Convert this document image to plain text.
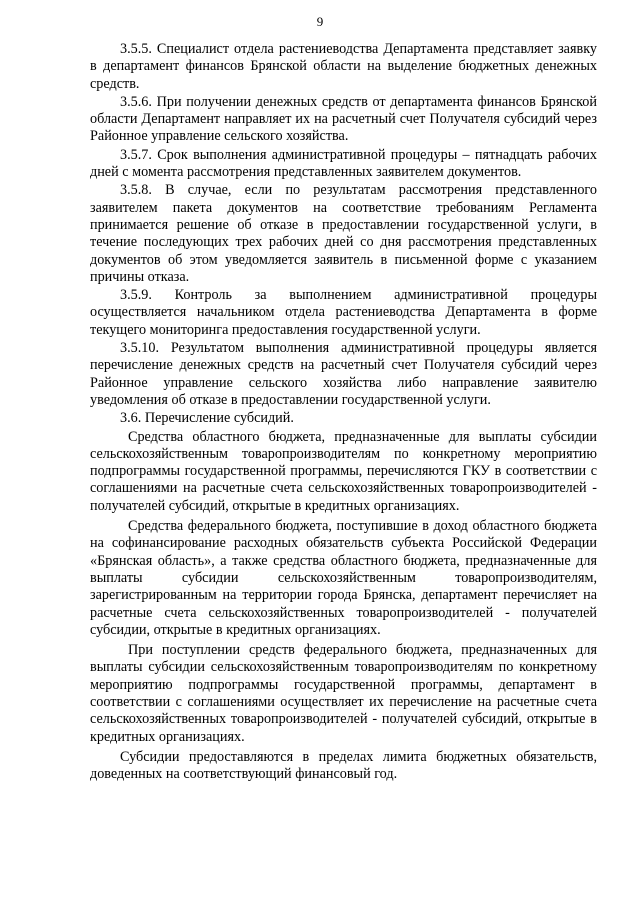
9

3.5.5. Специалист отдела растениеводства Департамента представляет заявку в департамент финансов Брянской области на выделение бюджетных денежных средств.

3.5.6. При получении денежных средств от департамента финансов Брянской области Департамент направляет их на расчетный счет Получателя субсидий через Районное управление сельского хозяйства.

3.5.7. Срок выполнения административной процедуры – пятнадцать рабочих дней с момента рассмотрения представленных заявителем документов.

3.5.8. В случае, если по результатам рассмотрения представленного заявителем пакета документов на соответствие требованиям Регламента принимается решение об отказе в предоставлении государственной услуги, в течение последующих трех рабочих дней со дня рассмотрения представленных документов об этом уведомляется заявитель в письменной форме с указанием причины отказа.

3.5.9. Контроль за выполнением административной процедуры осуществляется начальником отдела растениеводства Департамента в форме текущего мониторинга предоставления государственной услуги.

3.5.10. Результатом выполнения административной процедуры является перечисление денежных средств на расчетный счет Получателя субсидий через Районное управление сельского хозяйства либо направление заявителю уведомления об отказе в предоставлении государственной услуги.

3.6. Перечисление субсидий.

Средства областного бюджета, предназначенные для выплаты субсидии сельскохозяйственным товаропроизводителям по конкретному мероприятию подпрограммы государственной программы, перечисляются ГКУ в соответствии с соглашениями на расчетные счета сельскохозяйственных товаропроизводителей - получателей субсидий, открытые в кредитных организациях.

Средства федерального бюджета, поступившие в доход областного бюджета на софинансирование расходных обязательств субъекта Российской Федерации «Брянская область», а также средства областного бюджета, предназначенные для выплаты субсидии сельскохозяйственным товаропроизводителям, зарегистрированным на территории города Брянска, департамент перечисляет на расчетные счета сельскохозяйственных товаропроизводителей - получателей субсидии, открытые в кредитных организациях.

При поступлении средств федерального бюджета, предназначенных для выплаты субсидии сельскохозяйственным товаропроизводителям по конкретному мероприятию подпрограммы государственной программы, департамент в соответствии с соглашениями осуществляет их перечисление на расчетные счета сельскохозяйственных товаропроизводителей - получателей субсидий, открытые в кредитных организациях.

Субсидии предоставляются в пределах лимита бюджетных обязательств, доведенных на соответствующий финансовый год.
